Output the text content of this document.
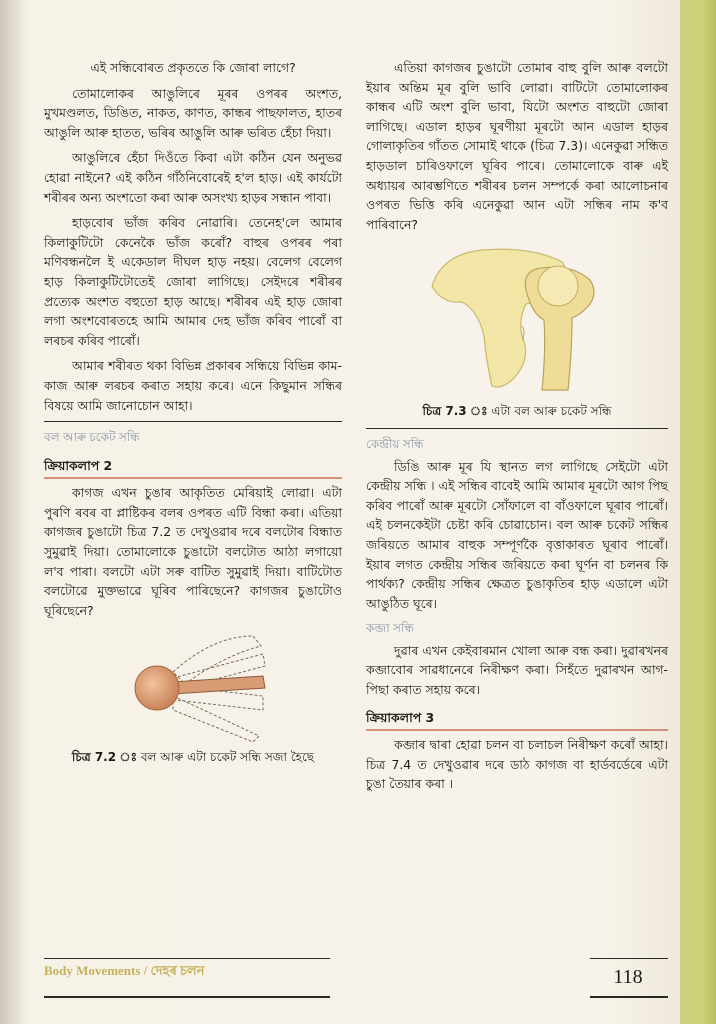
এই সন্ধিবোৰত প্ৰকৃততে কি জোৰা লাগে?

তোমালোকৰ আঙুলিৰে মূৰৰ ওপৰৰ অংশত, মুখমণ্ডলত, ডিঙিত, নাকত, কাণত, কান্ধৰ পাছফালত, হাতৰ আঙুলি আৰু হাতত, ভৰিৰ আঙুলি আৰু ভৰিত হেঁচা দিয়া।

আঙুলিৰে হেঁচা দিওঁতে কিবা এটা কঠিন যেন অনুভৱ হোৱা নাইনে? এই কঠিন গাঁঠনিবোৰেই হ'ল হাড়। এই কাৰ্যটো শৰীৰৰ অন্য অংশতো কৰা আৰু অসংখ্য হাড়ৰ সন্ধান পাবা।

হাড়বোৰ ভাঁজ কৰিব নোৱাৰি। তেনেহ'লে আমাৰ কিলাকুটিটো কেনেকৈ ভাঁজ কৰোঁ? বাহুৰ ওপৰৰ পৰা মণিবন্ধনলৈ ই একেডাল দীঘল হাড় নহয়। বেলেগ বেলেগ হাড় কিলাকুটিটোতেই জোৰা লাগিছে। সেইদৰে শৰীৰৰ প্ৰত্যেক অংশত বহুতো হাড় আছে। শৰীৰৰ এই হাড় জোৰা লগা অংশবোৰতহে আমি আমাৰ দেহ ভাঁজ কৰিব পাৰোঁ বা লৰচৰ কৰিব পাৰোঁ।

আমাৰ শৰীৰত থকা বিভিন্ন প্ৰকাৰৰ সন্ধিয়ে বিভিন্ন কাম-কাজ আৰু লৰচৰ কৰাত সহায় কৰে। এনে কিছুমান সন্ধিৰ বিষয়ে আমি জানোচোন আহা।

বল আৰু চকেট সন্ধি
ক্ৰিয়াকলাপ 2

কাগজ এখন চুঙাৰ আকৃতিত মেৰিয়াই লোৱা। এটা পুৰণি ৰবৰ বা প্লাষ্টিকৰ বলৰ ওপৰত এটি বিন্ধা কৰা। এতিয়া কাগজৰ চুঙাটো চিত্ৰ 7.2 ত দেখুওৱাৰ দৰে বলটোৰ বিন্ধাত সুমুৱাই দিয়া। তোমালোকে চুঙাটো বলটোত আঠা লগায়ো ল'ব পাৰা। বলটো এটা সৰু বাটিত সুমুৱাই দিয়া। বাটিটোত বলটোৱে মুক্তভাৱে ঘূৰিব পাৰিছেনে? কাগজৰ চুঙাটোও ঘূৰিছেনে?

চিত্ৰ 7.2 ঃ বল আৰু এটা চকেট সন্ধি সজা হৈছে

এতিয়া কাগজৰ চুঙাটো তোমাৰ বাহু বুলি আৰু বলটো ইয়াৰ অন্তিম মূৰ বুলি ভাবি লোৱা। বাটিটো তোমালোকৰ কান্ধৰ এটি অংশ বুলি ভাবা, যিটো অংশত বাহুটো জোৰা লাগিছে। এডাল হাড়ৰ ঘূৰণীয়া মূৰটো আন এডাল হাড়ৰ গোলাকৃতিৰ গাঁতত সোমাই থাকে (চিত্ৰ 7.3)। এনেকুৱা সন্ধিত হাড়ডাল চাৰিওফালে ঘূৰিব পাৰে। তোমালোকে বাৰু এই অধ্যায়ৰ আৰম্ভণিতে শৰীৰৰ চলন সম্পৰ্কে কৰা আলোচনাৰ ওপৰত ভিত্তি কৰি এনেকুৱা আন এটা সন্ধিৰ নাম ক'ব পাৰিবানে?

চিত্ৰ 7.3 ঃ এটা বল আৰু চকেট সন্ধি

কেন্দ্ৰীয় সন্ধি

ডিঙি আৰু মূৰ যি স্থানত লগ লাগিছে সেইটো এটা কেন্দ্ৰীয় সন্ধি । এই সন্ধিৰ বাবেই আমি আমাৰ মূৰটো আগ পিছ কৰিব পাৰোঁ আৰু মূৰটো সোঁফালে বা বাঁওফালে ঘূৰাব পাৰোঁ। এই চলনকেইটা চেষ্টা কৰি চোৱাচোন। বল আৰু চকেট সন্ধিৰ জৰিয়তে আমাৰ বাহুক সম্পূৰ্ণকৈ বৃত্তাকাৰত ঘূৰাব পাৰোঁ। ইয়াৰ লগত কেন্দ্ৰীয় সন্ধিৰ জৰিয়তে কৰা ঘূৰ্ণন বা চলনৰ কি পাৰ্থক্য? কেন্দ্ৰীয় সন্ধিৰ ক্ষেত্ৰত চুঙাকৃতিৰ হাড় এডালে এটা আঙুঠিত ঘূৰে।

কব্জা সন্ধি

দুৱাৰ এখন কেইবাৰমান খোলা আৰু বন্ধ কৰা। দুৱাৰখনৰ কব্জাবোৰ সাৱধানেৰে নিৰীক্ষণ কৰা। সিহঁতে দুৱাৰখন আগ-পিছা কৰাত সহায় কৰে।

ক্ৰিয়াকলাপ 3

কব্জাৰ দ্বাৰা হোৱা চলন বা চলাচল নিৰীক্ষণ কৰোঁ আহা। চিত্ৰ 7.4 ত দেখুওৱাৰ দৰে ডাঠ কাগজ বা হাৰ্ডবৰ্ডেৰে এটা চুঙা তৈয়াৰ কৰা ।

Body Movements / দেহৰ চলন	118
